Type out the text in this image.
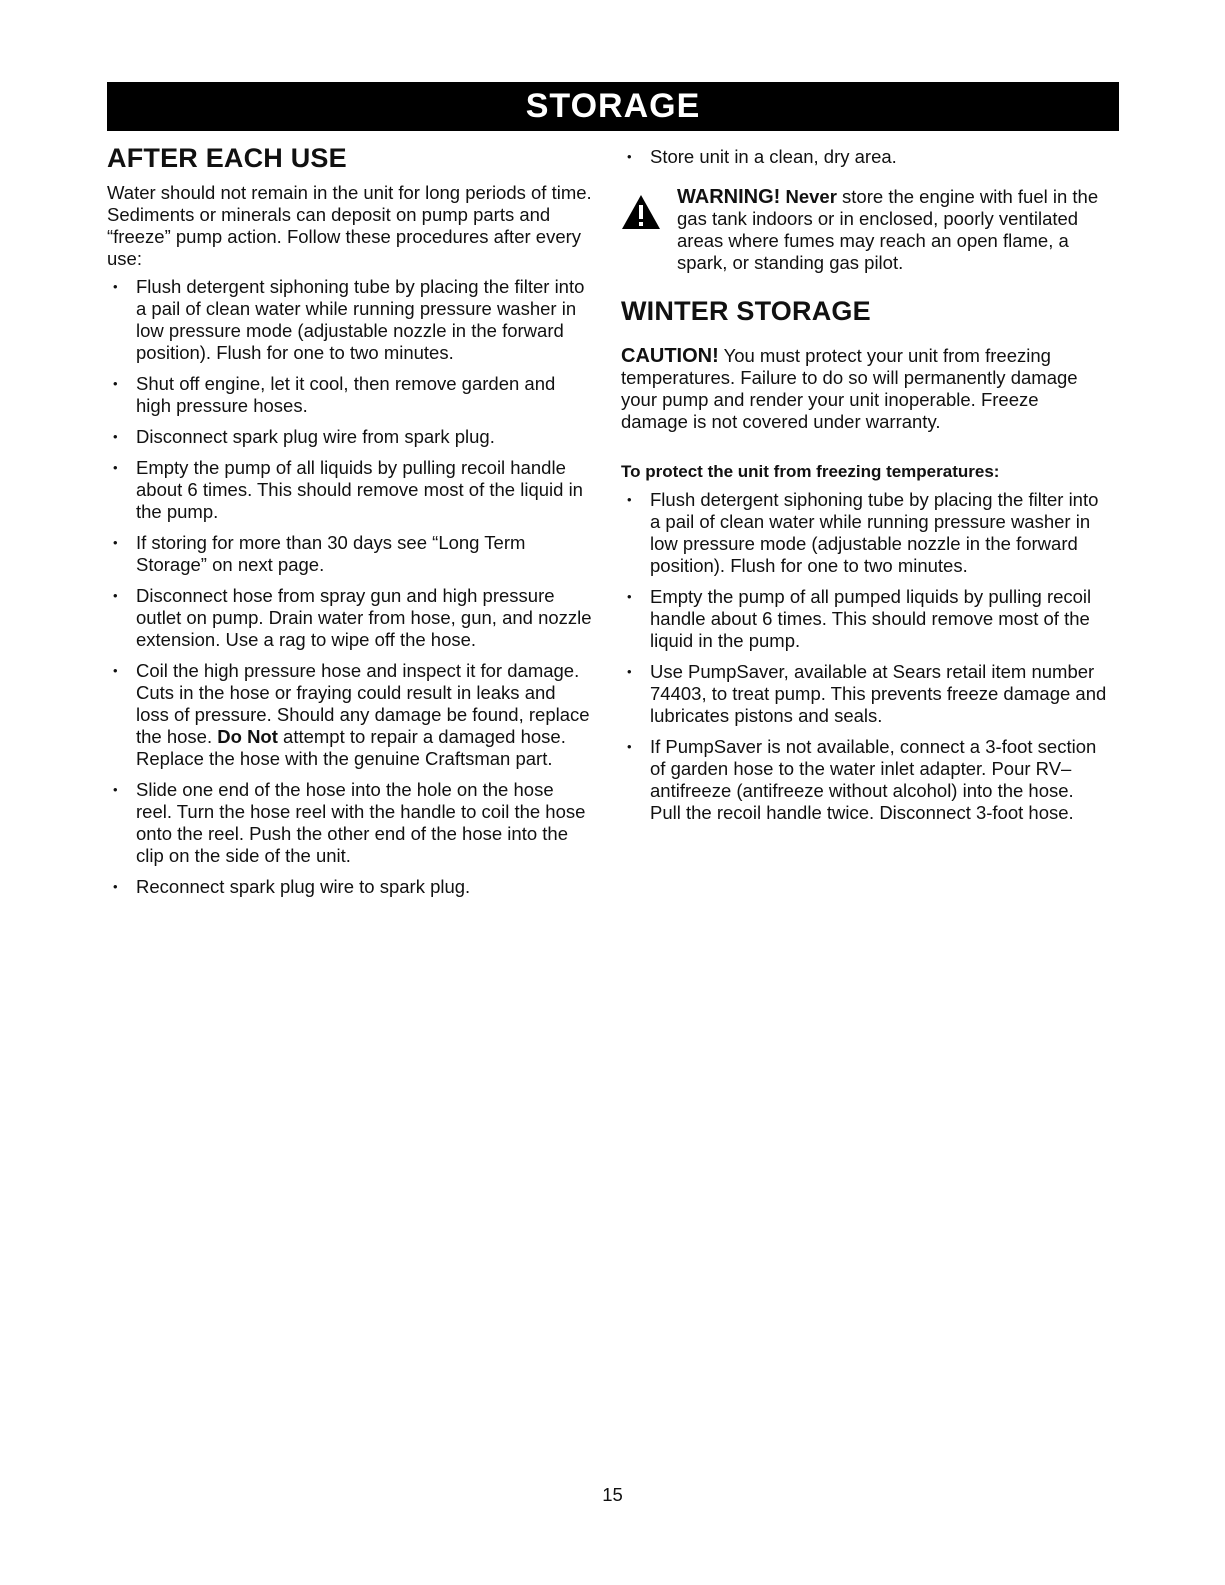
STORAGE
AFTER EACH USE

Water should not remain in the unit for long periods of time. Sediments or minerals can deposit on pump parts and “freeze” pump action. Follow these procedures after every use:

• Flush detergent siphoning tube by placing the filter into a pail of clean water while running pressure washer in low pressure mode (adjustable nozzle in the forward position). Flush for one to two minutes.
• Shut off engine, let it cool, then remove garden and high pressure hoses.
• Disconnect spark plug wire from spark plug.
• Empty the pump of all liquids by pulling recoil handle about 6 times. This should remove most of the liquid in the pump.
• If storing for more than 30 days see “Long Term Storage” on next page.
• Disconnect hose from spray gun and high pressure outlet on pump. Drain water from hose, gun, and nozzle extension. Use a rag to wipe off the hose.
• Coil the high pressure hose and inspect it for damage. Cuts in the hose or fraying could result in leaks and loss of pressure. Should any damage be found, replace the hose. Do Not attempt to repair a damaged hose. Replace the hose with the genuine Craftsman part.
• Slide one end of the hose into the hole on the hose reel. Turn the hose reel with the handle to coil the hose onto the reel. Push the other end of the hose into the clip on the side of the unit.
• Reconnect spark plug wire to spark plug.
• Store unit in a clean, dry area.
WARNING! Never store the engine with fuel in the gas tank indoors or in enclosed, poorly ventilated areas where fumes may reach an open flame, a spark, or standing gas pilot.
WINTER STORAGE

CAUTION! You must protect your unit from freezing temperatures. Failure to do so will permanently damage your pump and render your unit inoperable. Freeze damage is not covered under warranty.

To protect the unit from freezing temperatures:

• Flush detergent siphoning tube by placing the filter into a pail of clean water while running pressure washer in low pressure mode (adjustable nozzle in the forward position). Flush for one to two minutes.
• Empty the pump of all pumped liquids by pulling recoil handle about 6 times. This should remove most of the liquid in the pump.
• Use PumpSaver, available at Sears retail item number 74403, to treat pump. This prevents freeze damage and lubricates pistons and seals.
• If PumpSaver is not available, connect a 3-foot section of garden hose to the water inlet adapter. Pour RV–antifreeze (antifreeze without alcohol) into the hose. Pull the recoil handle twice. Disconnect 3-foot hose.
15
